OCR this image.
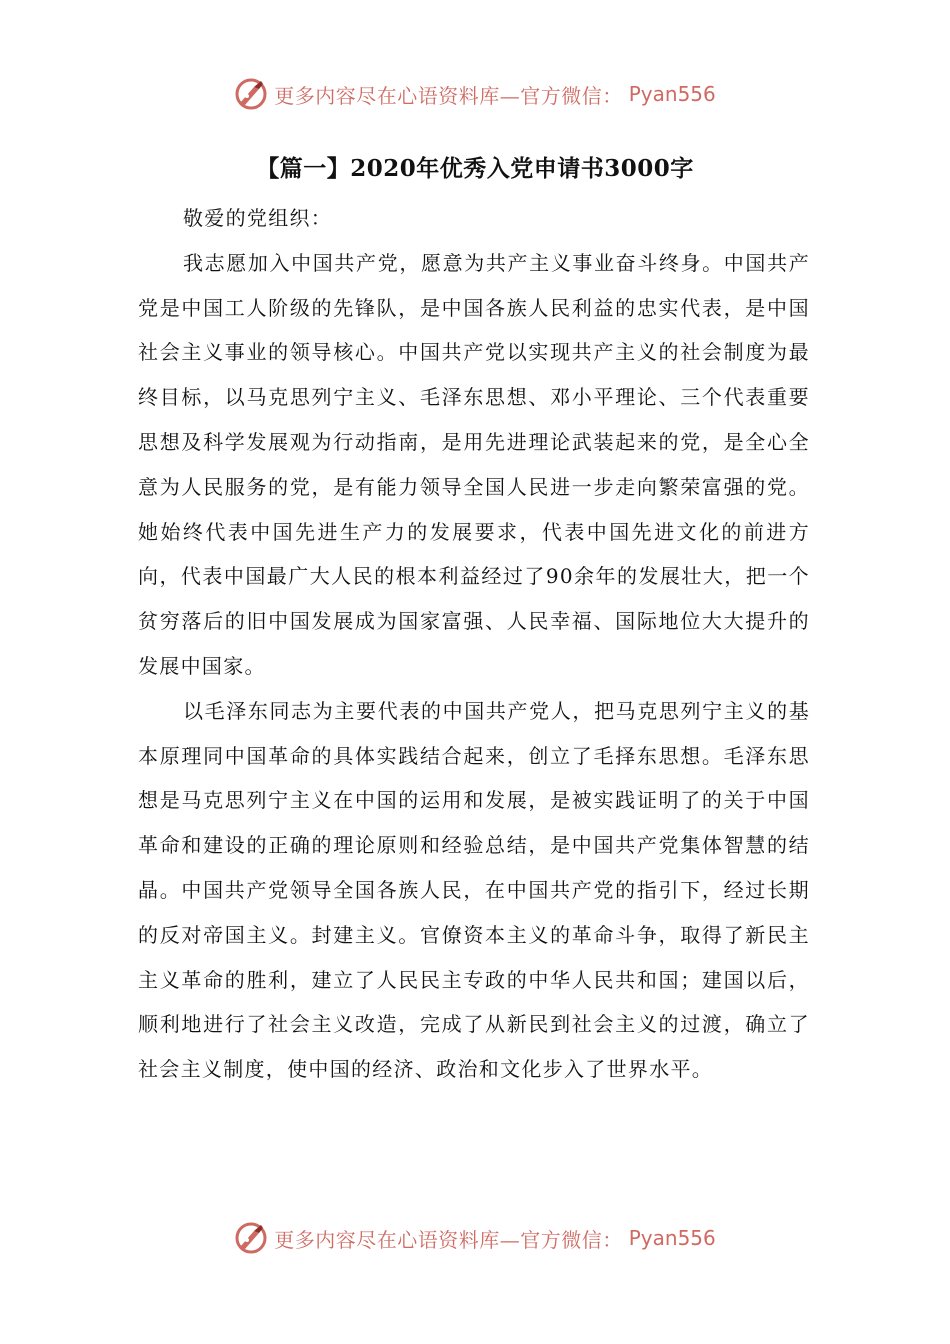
更多内容尽在心语资料库—官方微信： Pyan556
【篇一】2020年优秀入党申请书3000字

敬爱的党组织：

我志愿加入中国共产党，愿意为共产主义事业奋斗终身。中国共产党是中国工人阶级的先锋队，是中国各族人民利益的忠实代表，是中国社会主义事业的领导核心。中国共产党以实现共产主义的社会制度为最终目标，以马克思列宁主义、毛泽东思想、邓小平理论、三个代表重要思想及科学发展观为行动指南，是用先进理论武装起来的党，是全心全意为人民服务的党，是有能力领导全国人民进一步走向繁荣富强的党。她始终代表中国先进生产力的发展要求，代表中国先进文化的前进方向，代表中国最广大人民的根本利益经过了90余年的发展壮大，把一个贫穷落后的旧中国发展成为国家富强、人民幸福、国际地位大大提升的发展中国家。

以毛泽东同志为主要代表的中国共产党人，把马克思列宁主义的基本原理同中国革命的具体实践结合起来，创立了毛择东思想。毛泽东思想是马克思列宁主义在中国的运用和发展，是被实践证明了的关于中国革命和建设的正确的理论原则和经验总结，是中国共产党集体智慧的结晶。中国共产党领导全国各族人民，在中国共产党的指引下，经过长期的反对帝国主义。封建主义。官僚资本主义的革命斗争，取得了新民主主义革命的胜利，建立了人民民主专政的中华人民共和国；建国以后，顺利地进行了社会主义改造，完成了从新民到社会主义的过渡，确立了社会主义制度，使中国的经济、政治和文化步入了世界水平。

更多内容尽在心语资料库—官方微信： Pyan556
